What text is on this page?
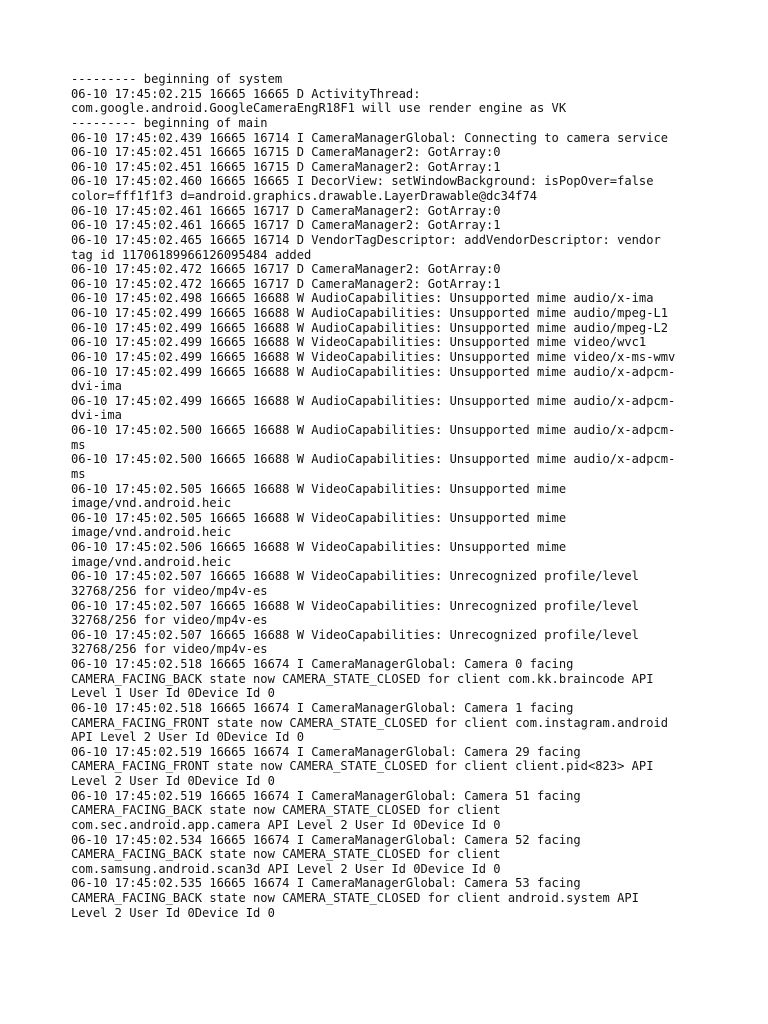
--------- beginning of system
06-10 17:45:02.215 16665 16665 D ActivityThread:
com.google.android.GoogleCameraEngR18F1 will use render engine as VK
--------- beginning of main
06-10 17:45:02.439 16665 16714 I CameraManagerGlobal: Connecting to camera service
06-10 17:45:02.451 16665 16715 D CameraManager2: GotArray:0
06-10 17:45:02.451 16665 16715 D CameraManager2: GotArray:1
06-10 17:45:02.460 16665 16665 I DecorView: setWindowBackground: isPopOver=false
color=fff1f1f3 d=android.graphics.drawable.LayerDrawable@dc34f74
06-10 17:45:02.461 16665 16717 D CameraManager2: GotArray:0
06-10 17:45:02.461 16665 16717 D CameraManager2: GotArray:1
06-10 17:45:02.465 16665 16714 D VendorTagDescriptor: addVendorDescriptor: vendor
tag id 11706189966126095484 added
06-10 17:45:02.472 16665 16717 D CameraManager2: GotArray:0
06-10 17:45:02.472 16665 16717 D CameraManager2: GotArray:1
06-10 17:45:02.498 16665 16688 W AudioCapabilities: Unsupported mime audio/x-ima
06-10 17:45:02.499 16665 16688 W AudioCapabilities: Unsupported mime audio/mpeg-L1
06-10 17:45:02.499 16665 16688 W AudioCapabilities: Unsupported mime audio/mpeg-L2
06-10 17:45:02.499 16665 16688 W VideoCapabilities: Unsupported mime video/wvc1
06-10 17:45:02.499 16665 16688 W VideoCapabilities: Unsupported mime video/x-ms-wmv
06-10 17:45:02.499 16665 16688 W AudioCapabilities: Unsupported mime audio/x-adpcm-
dvi-ima
06-10 17:45:02.499 16665 16688 W AudioCapabilities: Unsupported mime audio/x-adpcm-
dvi-ima
06-10 17:45:02.500 16665 16688 W AudioCapabilities: Unsupported mime audio/x-adpcm-
ms
06-10 17:45:02.500 16665 16688 W AudioCapabilities: Unsupported mime audio/x-adpcm-
ms
06-10 17:45:02.505 16665 16688 W VideoCapabilities: Unsupported mime
image/vnd.android.heic
06-10 17:45:02.505 16665 16688 W VideoCapabilities: Unsupported mime
image/vnd.android.heic
06-10 17:45:02.506 16665 16688 W VideoCapabilities: Unsupported mime
image/vnd.android.heic
06-10 17:45:02.507 16665 16688 W VideoCapabilities: Unrecognized profile/level
32768/256 for video/mp4v-es
06-10 17:45:02.507 16665 16688 W VideoCapabilities: Unrecognized profile/level
32768/256 for video/mp4v-es
06-10 17:45:02.507 16665 16688 W VideoCapabilities: Unrecognized profile/level
32768/256 for video/mp4v-es
06-10 17:45:02.518 16665 16674 I CameraManagerGlobal: Camera 0 facing
CAMERA_FACING_BACK state now CAMERA_STATE_CLOSED for client com.kk.braincode API
Level 1 User Id 0Device Id 0
06-10 17:45:02.518 16665 16674 I CameraManagerGlobal: Camera 1 facing
CAMERA_FACING_FRONT state now CAMERA_STATE_CLOSED for client com.instagram.android
API Level 2 User Id 0Device Id 0
06-10 17:45:02.519 16665 16674 I CameraManagerGlobal: Camera 29 facing
CAMERA_FACING_FRONT state now CAMERA_STATE_CLOSED for client client.pid<823> API
Level 2 User Id 0Device Id 0
06-10 17:45:02.519 16665 16674 I CameraManagerGlobal: Camera 51 facing
CAMERA_FACING_BACK state now CAMERA_STATE_CLOSED for client
com.sec.android.app.camera API Level 2 User Id 0Device Id 0
06-10 17:45:02.534 16665 16674 I CameraManagerGlobal: Camera 52 facing
CAMERA_FACING_BACK state now CAMERA_STATE_CLOSED for client
com.samsung.android.scan3d API Level 2 User Id 0Device Id 0
06-10 17:45:02.535 16665 16674 I CameraManagerGlobal: Camera 53 facing
CAMERA_FACING_BACK state now CAMERA_STATE_CLOSED for client android.system API
Level 2 User Id 0Device Id 0
